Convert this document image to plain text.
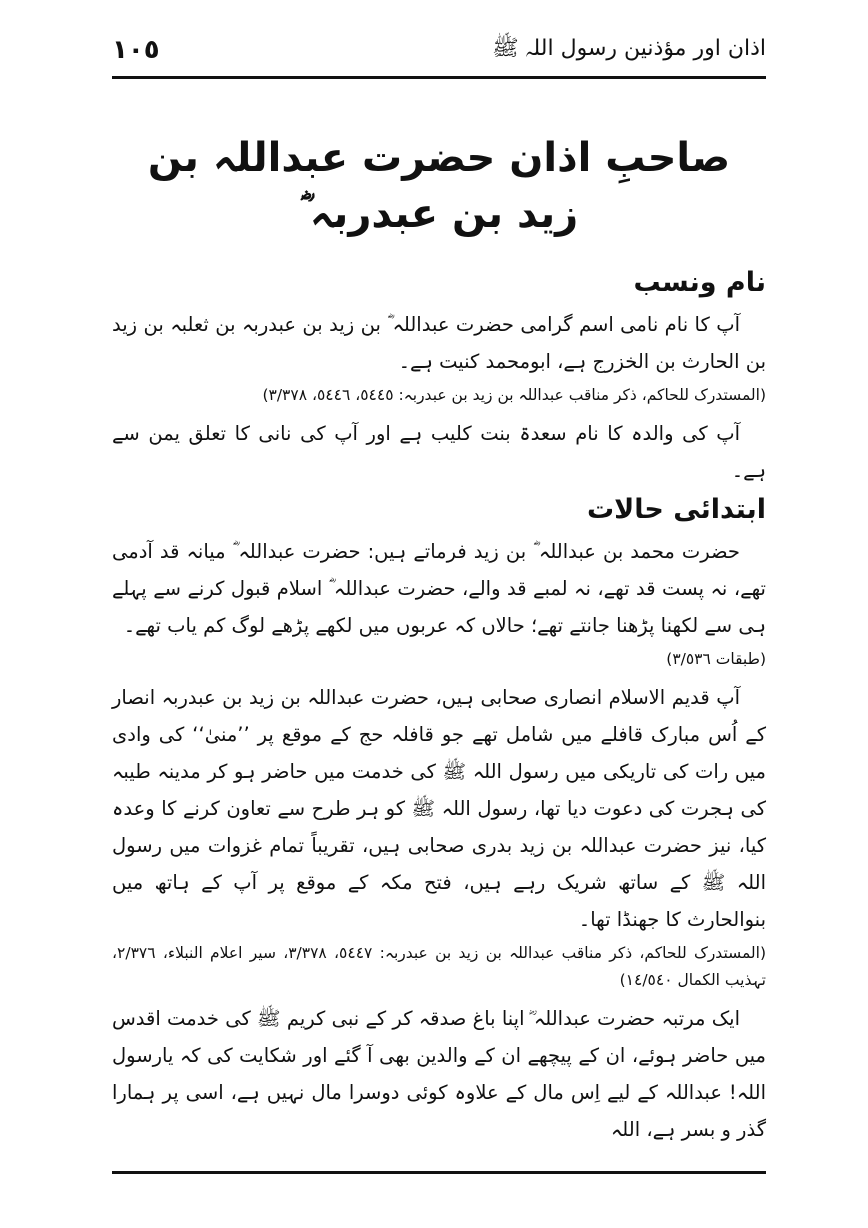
١٠٥	اذان اور مؤذنین رسول اللہ ﷺ
صاحبِ اذان حضرت عبداللہ بن زید بن عبدربہ ؓ
نام ونسب

آپ کا نام نامی اسم گرامی حضرت عبداللہ ؓ بن زید بن عبدربہ بن ثعلبہ بن زید بن الحارث بن الخزرج ہے، ابومحمد کنیت ہے۔

(المستدرک للحاکم، ذکر مناقب عبداللہ بن زید بن عبدربہ: ٥٤٤٥، ٥٤٤٦، ٣/٣٧٨)

آپ کی والدہ کا نام سعدۃ بنت کلیب ہے اور آپ کی نانی کا تعلق یمن سے ہے۔

ابتدائی حالات

حضرت محمد بن عبداللہ ؓ بن زید فرماتے ہیں: حضرت عبداللہ ؓ میانہ قد آدمی تھے، نہ پست قد تھے، نہ لمبے قد والے، حضرت عبداللہ ؓ اسلام قبول کرنے سے پہلے ہی سے لکھنا پڑھنا جانتے تھے؛ حالاں کہ عربوں میں لکھے پڑھے لوگ کم یاب تھے۔

(طبقات ٣/٥٣٦)

آپ قدیم الاسلام انصاری صحابی ہیں، حضرت عبداللہ بن زید بن عبدربہ انصار کے اُس مبارک قافلے میں شامل تھے جو قافلہ حج کے موقع پر ’’منیٰ‘‘ کی وادی میں رات کی تاریکی میں رسول اللہ ﷺ کی خدمت میں حاضر ہو کر مدینہ طیبہ کی ہجرت کی دعوت دیا تھا، رسول اللہ ﷺ کو ہر طرح سے تعاون کرنے کا وعدہ کیا، نیز حضرت عبداللہ بن زید بدری صحابی ہیں، تقریباً تمام غزوات میں رسول اللہ ﷺ کے ساتھ شریک رہے ہیں، فتح مکہ کے موقع پر آپ کے ہاتھ میں بنوالحارث کا جھنڈا تھا۔

(المستدرک للحاکم، ذکر مناقب عبداللہ بن زید بن عبدربہ: ٥٤٤٧، ٣/٣٧٨، سیر اعلام النبلاء، ٢/٣٧٦، تہذیب الکمال ١٤/٥٤٠)

ایک مرتبہ حضرت عبداللہ ؓ اپنا باغ صدقہ کر کے نبی کریم ﷺ کی خدمت اقدس میں حاضر ہوئے، ان کے پیچھے ان کے والدین بھی آ گئے اور شکایت کی کہ یارسول اللہ! عبداللہ کے لیے اِس مال کے علاوہ کوئی دوسرا مال نہیں ہے، اسی پر ہمارا گذر و بسر ہے، اللہ
